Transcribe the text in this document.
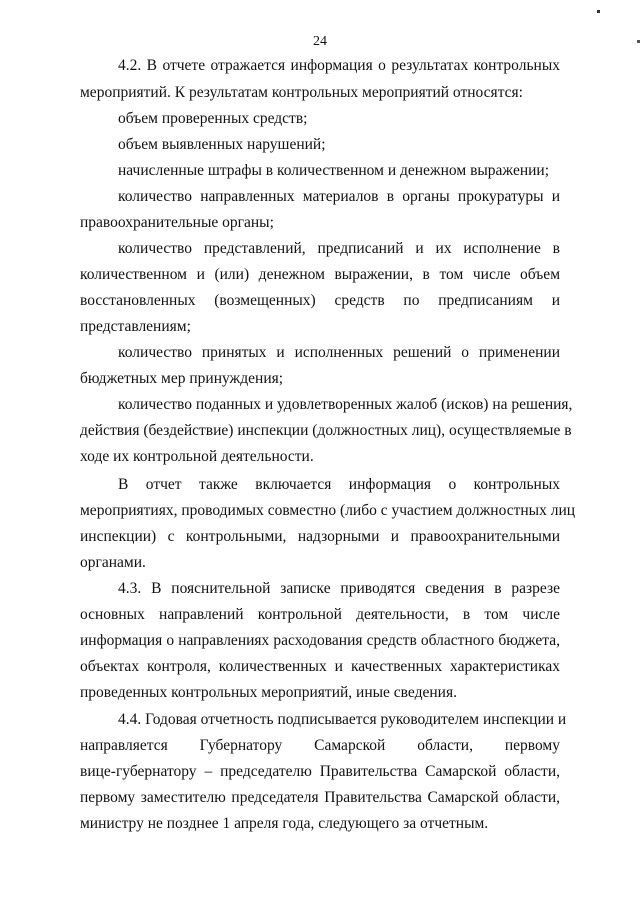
24
4.2. В отчете отражается информация о результатах контрольных
мероприятий. К результатам контрольных мероприятий относятся:
объем проверенных средств;
объем выявленных нарушений;
начисленные штрафы в количественном и денежном выражении;
количество направленных материалов в органы прокуратуры и
правоохранительные органы;
количество представлений, предписаний и их исполнение в
количественном и (или) денежном выражении, в том числе объем
восстановленных (возмещенных) средств по предписаниям и
представлениям;
количество принятых и исполненных решений о применении
бюджетных мер принуждения;
количество поданных и удовлетворенных жалоб (исков) на решения,
действия (бездействие) инспекции (должностных лиц), осуществляемые в
ходе их контрольной деятельности.
В отчет также включается информация о контрольных
мероприятиях, проводимых совместно (либо с участием должностных лиц
инспекции) с контрольными, надзорными и правоохранительными
органами.
4.3. В пояснительной записке приводятся сведения в разрезе
основных направлений контрольной деятельности, в том числе
информация о направлениях расходования средств областного бюджета,
объектах контроля, количественных и качественных характеристиках
проведенных контрольных мероприятий, иные сведения.
4.4. Годовая отчетность подписывается руководителем инспекции и
направляется Губернатору Самарской области, первому
вице-губернатору – председателю Правительства Самарской области,
первому заместителю председателя Правительства Самарской области,
министру не позднее 1 апреля года, следующего за отчетным.
